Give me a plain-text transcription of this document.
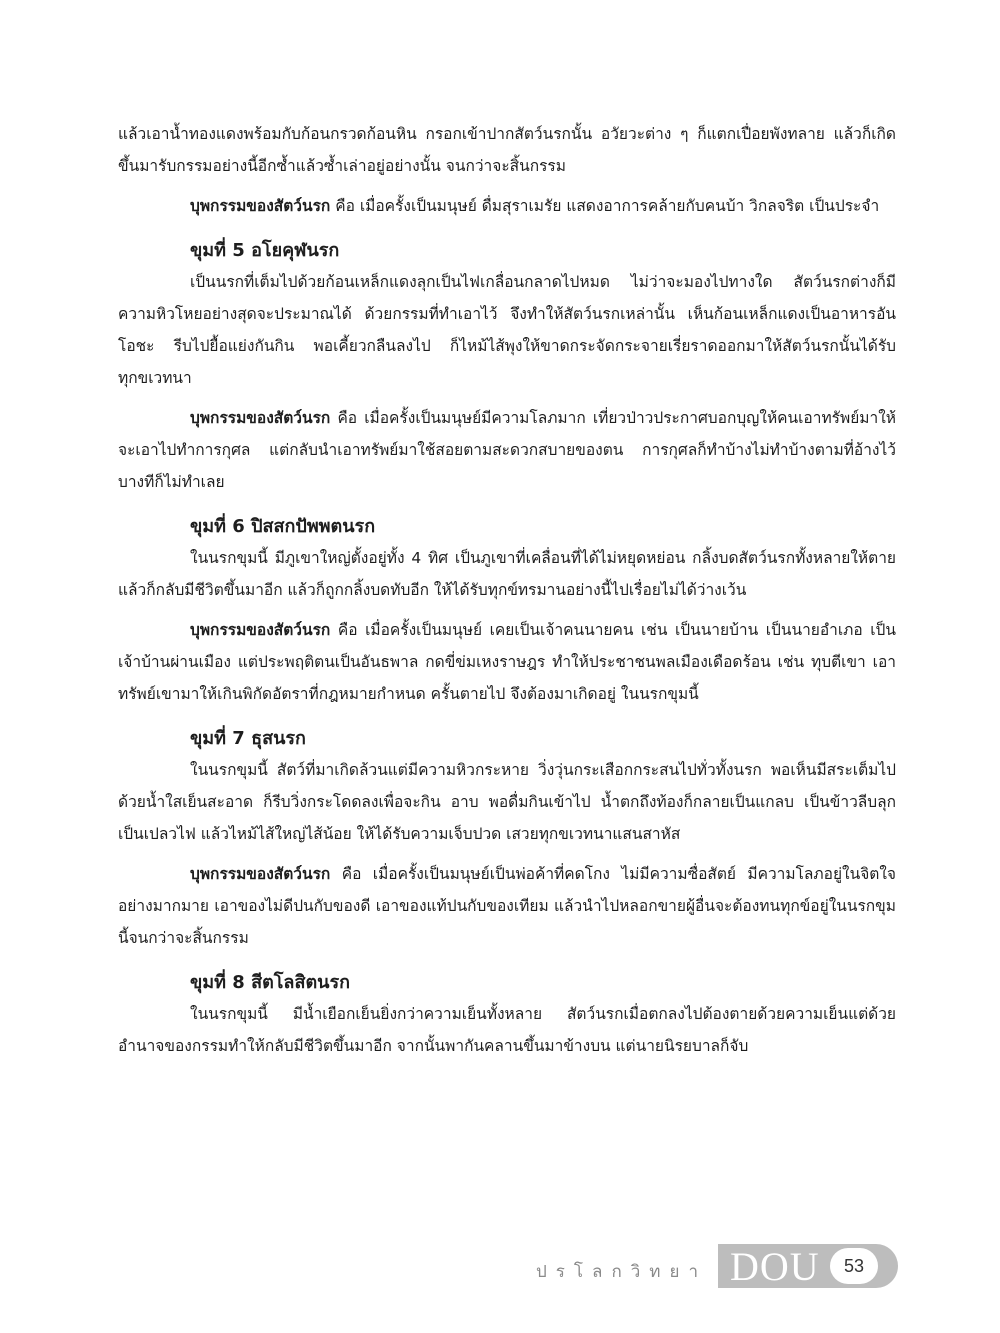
แล้วเอาน้ำทองแดงพร้อมกับก้อนกรวดก้อนหิน กรอกเข้าปากสัตว์นรกนั้น อวัยวะต่าง ๆ ก็แตกเปื่อยพังทลาย แล้วก็เกิดขึ้นมารับกรรมอย่างนี้อีกซ้ำแล้วซ้ำเล่าอยู่อย่างนั้น จนกว่าจะสิ้นกรรม

บุพกรรมของสัตว์นรก คือ เมื่อครั้งเป็นมนุษย์ ดื่มสุราเมรัย แสดงอาการคล้ายกับคนบ้า วิกลจริต เป็นประจำ

ขุมที่ 5 อโยคุฬนรก

เป็นนรกที่เต็มไปด้วยก้อนเหล็กแดงลุกเป็นไฟเกลื่อนกลาดไปหมด ไม่ว่าจะมองไปทางใด สัตว์นรกต่างก็มีความหิวโหยอย่างสุดจะประมาณได้ ด้วยกรรมที่ทำเอาไว้ จึงทำให้สัตว์นรกเหล่านั้น เห็นก้อนเหล็กแดงเป็นอาหารอันโอชะ รีบไปยื้อแย่งกันกิน พอเคี้ยวกลืนลงไป ก็ไหม้ไส้พุงให้ขาดกระจัดกระจายเรี่ยราดออกมาให้สัตว์นรกนั้นได้รับทุกขเวทนา

บุพกรรมของสัตว์นรก คือ เมื่อครั้งเป็นมนุษย์มีความโลภมาก เที่ยวป่าวประกาศบอกบุญให้คนเอาทรัพย์มาให้ จะเอาไปทำการกุศล แต่กลับนำเอาทรัพย์มาใช้สอยตามสะดวกสบายของตน การกุศลก็ทำบ้างไม่ทำบ้างตามที่อ้างไว้ บางทีก็ไม่ทำเลย

ขุมที่ 6 ปิสสกปัพพตนรก

ในนรกขุมนี้ มีภูเขาใหญ่ตั้งอยู่ทั้ง 4 ทิศ เป็นภูเขาที่เคลื่อนที่ได้ไม่หยุดหย่อน กลิ้งบดสัตว์นรกทั้งหลายให้ตาย แล้วก็กลับมีชีวิตขึ้นมาอีก แล้วก็ถูกกลิ้งบดทับอีก ให้ได้รับทุกข์ทรมานอย่างนี้ไปเรื่อยไม่ได้ว่างเว้น

บุพกรรมของสัตว์นรก คือ เมื่อครั้งเป็นมนุษย์ เคยเป็นเจ้าคนนายคน เช่น เป็นนายบ้าน เป็นนายอำเภอ เป็นเจ้าบ้านผ่านเมือง แต่ประพฤติตนเป็นอันธพาล กดขี่ข่มเหงราษฎร ทำให้ประชาชนพลเมืองเดือดร้อน เช่น ทุบตีเขา เอาทรัพย์เขามาให้เกินพิกัดอัตราที่กฎหมายกำหนด ครั้นตายไป จึงต้องมาเกิดอยู่ ในนรกขุมนี้

ขุมที่ 7 ธุสนรก

ในนรกขุมนี้ สัตว์ที่มาเกิดล้วนแต่มีความหิวกระหาย วิ่งวุ่นกระเสือกกระสนไปทั่วทั้งนรก พอเห็นมีสระเต็มไปด้วยน้ำใสเย็นสะอาด ก็รีบวิ่งกระโดดลงเพื่อจะกิน อาบ พอดื่มกินเข้าไป น้ำตกถึงท้องก็กลายเป็นแกลบ เป็นข้าวลีบลุกเป็นเปลวไฟ แล้วไหม้ไส้ใหญ่ไส้น้อย ให้ได้รับความเจ็บปวด เสวยทุกขเวทนาแสนสาหัส

บุพกรรมของสัตว์นรก คือ เมื่อครั้งเป็นมนุษย์เป็นพ่อค้าที่คดโกง ไม่มีความซื่อสัตย์ มีความโลภอยู่ในจิตใจอย่างมากมาย เอาของไม่ดีปนกับของดี เอาของแท้ปนกับของเทียม แล้วนำไปหลอกขายผู้อื่นจะต้องทนทุกข์อยู่ในนรกขุมนี้จนกว่าจะสิ้นกรรม

ขุมที่ 8 สีตโลสิตนรก

ในนรกขุมนี้ มีน้ำเยือกเย็นยิ่งกว่าความเย็นทั้งหลาย สัตว์นรกเมื่อตกลงไปต้องตายด้วยความเย็นแต่ด้วยอำนาจของกรรมทำให้กลับมีชีวิตขึ้นมาอีก จากนั้นพากันคลานขึ้นมาข้างบน แต่นายนิรยบาลก็จับ

ปรโลกวิทยา DOU	53
